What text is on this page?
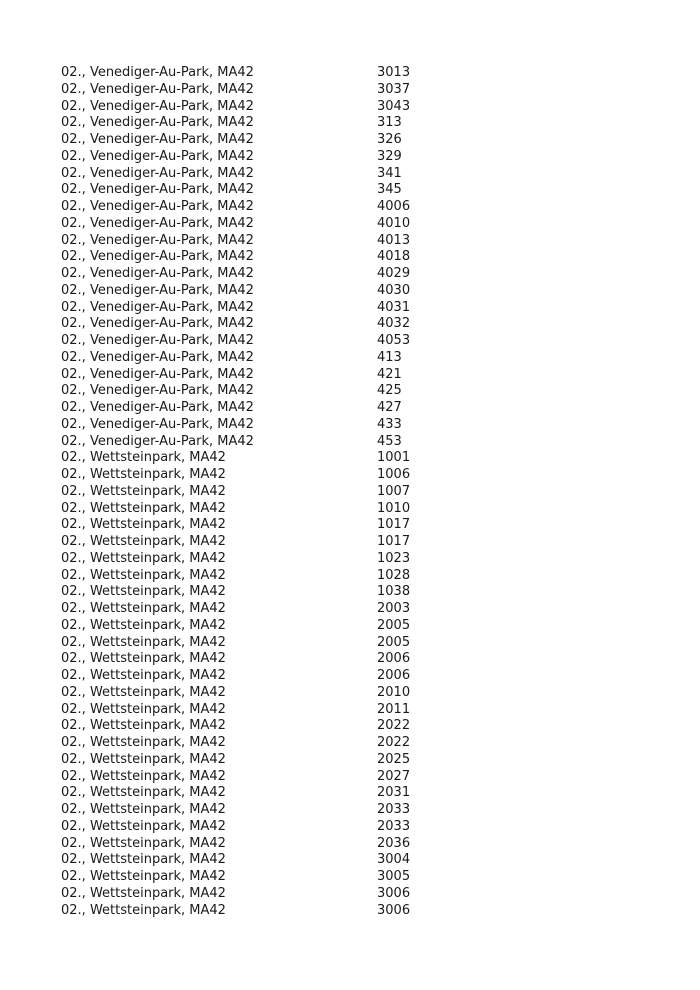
02., Venediger-Au-Park, MA42	3013
02., Venediger-Au-Park, MA42	3037
02., Venediger-Au-Park, MA42	3043
02., Venediger-Au-Park, MA42	313
02., Venediger-Au-Park, MA42	326
02., Venediger-Au-Park, MA42	329
02., Venediger-Au-Park, MA42	341
02., Venediger-Au-Park, MA42	345
02., Venediger-Au-Park, MA42	4006
02., Venediger-Au-Park, MA42	4010
02., Venediger-Au-Park, MA42	4013
02., Venediger-Au-Park, MA42	4018
02., Venediger-Au-Park, MA42	4029
02., Venediger-Au-Park, MA42	4030
02., Venediger-Au-Park, MA42	4031
02., Venediger-Au-Park, MA42	4032
02., Venediger-Au-Park, MA42	4053
02., Venediger-Au-Park, MA42	413
02., Venediger-Au-Park, MA42	421
02., Venediger-Au-Park, MA42	425
02., Venediger-Au-Park, MA42	427
02., Venediger-Au-Park, MA42	433
02., Venediger-Au-Park, MA42	453
02., Wettsteinpark, MA42	1001
02., Wettsteinpark, MA42	1006
02., Wettsteinpark, MA42	1007
02., Wettsteinpark, MA42	1010
02., Wettsteinpark, MA42	1017
02., Wettsteinpark, MA42	1017
02., Wettsteinpark, MA42	1023
02., Wettsteinpark, MA42	1028
02., Wettsteinpark, MA42	1038
02., Wettsteinpark, MA42	2003
02., Wettsteinpark, MA42	2005
02., Wettsteinpark, MA42	2005
02., Wettsteinpark, MA42	2006
02., Wettsteinpark, MA42	2006
02., Wettsteinpark, MA42	2010
02., Wettsteinpark, MA42	2011
02., Wettsteinpark, MA42	2022
02., Wettsteinpark, MA42	2022
02., Wettsteinpark, MA42	2025
02., Wettsteinpark, MA42	2027
02., Wettsteinpark, MA42	2031
02., Wettsteinpark, MA42	2033
02., Wettsteinpark, MA42	2033
02., Wettsteinpark, MA42	2036
02., Wettsteinpark, MA42	3004
02., Wettsteinpark, MA42	3005
02., Wettsteinpark, MA42	3006
02., Wettsteinpark, MA42	3006
